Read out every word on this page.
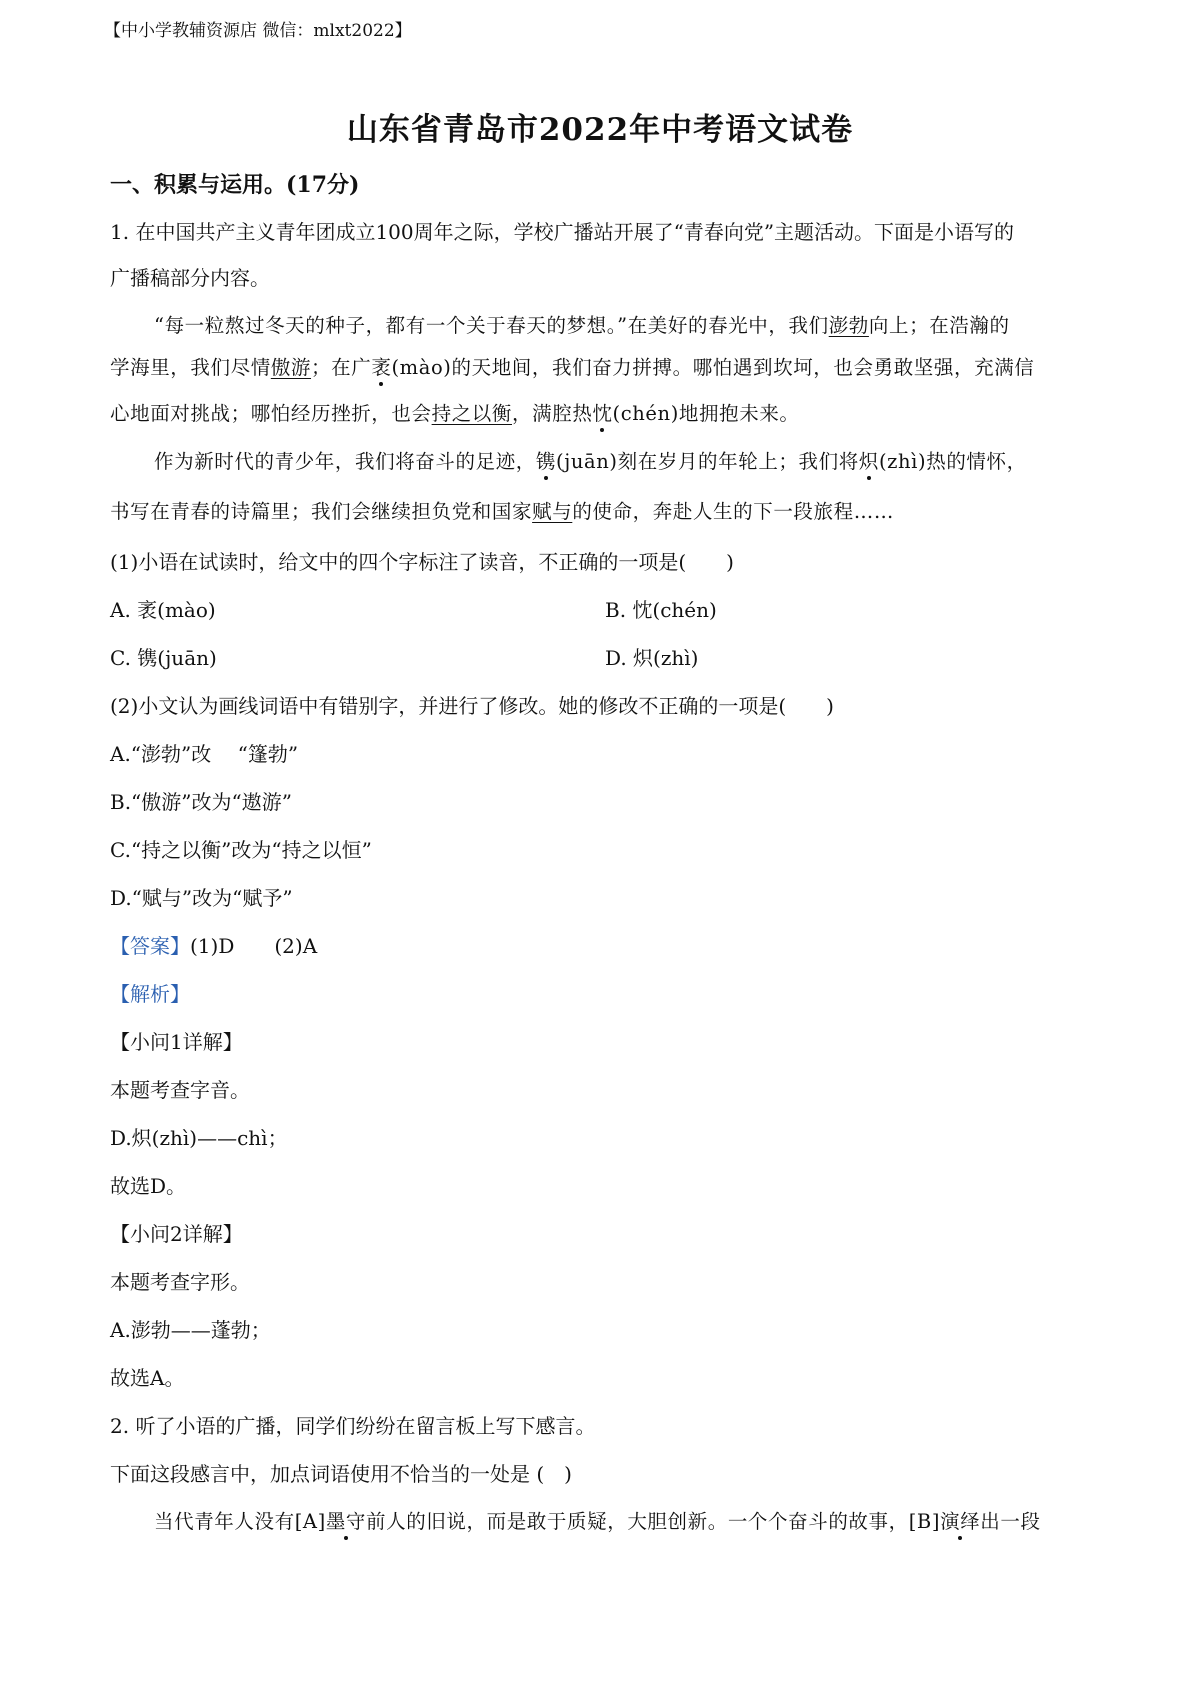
【中小学教辅资源店 微信：mlxt2022】
山东省青岛市2022年中考语文试卷
一、积累与运用。(17分)
1. 在中国共产主义青年团成立100周年之际，学校广播站开展了“青春向党”主题活动。下面是小语写的
广播稿部分内容。
“每一粒熬过冬天的种子，都有一个关于春天的梦想。”在美好的春光中，我们澎勃向上；在浩瀚的
学海里，我们尽情傲游；在广袤(mào)的天地间，我们奋力拼搏。哪怕遇到坎坷，也会勇敢坚强，充满信
心地面对挑战；哪怕经历挫折，也会持之以衡，满腔热忱(chén)地拥抱未来。
作为新时代的青少年，我们将奋斗的足迹，镌(juān)刻在岁月的年轮上；我们将炽(zhì)热的情怀，
书写在青春的诗篇里；我们会继续担负党和国家赋与的使命，奔赴人生的下一段旅程……
(1)小语在试读时，给文中的四个字标注了读音，不正确的一项是(　　)
A. 袤(mào)	B. 忱(chén)
C. 镌(juān)	D. 炽(zhì)
(2)小文认为画线词语中有错别字，并进行了修改。她的修改不正确的一项是(　　)
A.“澎勃”改　 “篷勃”
B.“傲游”改为“遨游”
C.“持之以衡”改为“持之以恒”
D.“赋与”改为“赋予”
【答案】(1)D　　(2)A
【解析】
【小问1详解】
本题考查字音。
D.炽(zhì)——chì；
故选D。
【小问2详解】
本题考查字形。
A.澎勃——蓬勃；
故选A。
2. 听了小语的广播，同学们纷纷在留言板上写下感言。
下面这段感言中，加点词语使用不恰当的一处是 (　)
当代青年人没有[A]墨守前人的旧说，而是敢于质疑，大胆创新。一个个奋斗的故事，[B]演绎出一段
